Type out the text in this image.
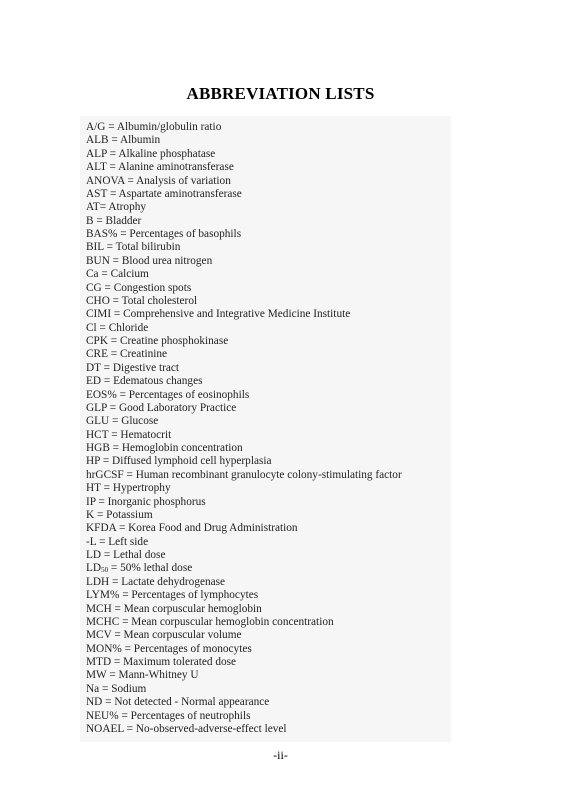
ABBREVIATION LISTS
A/G = Albumin/globulin ratio
ALB = Albumin
ALP = Alkaline phosphatase
ALT = Alanine aminotransferase
ANOVA = Analysis of variation
AST = Aspartate aminotransferase
AT= Atrophy
B = Bladder
BAS% = Percentages of basophils
BIL = Total bilirubin
BUN = Blood urea nitrogen
Ca = Calcium
CG = Congestion spots
CHO = Total cholesterol
CIMI = Comprehensive and Integrative Medicine Institute
Cl = Chloride
CPK = Creatine phosphokinase
CRE = Creatinine
DT = Digestive tract
ED = Edematous changes
EOS% = Percentages of eosinophils
GLP = Good Laboratory Practice
GLU = Glucose
HCT = Hematocrit
HGB = Hemoglobin concentration
HP = Diffused lymphoid cell hyperplasia
hrGCSF = Human recombinant granulocyte colony-stimulating factor
HT = Hypertrophy
IP = Inorganic phosphorus
K = Potassium
KFDA = Korea Food and Drug Administration
-L = Left side
LD = Lethal dose
$LD_{50} = 50\%$ lethal dose
LDH = Lactate dehydrogenase
LYM% = Percentages of lymphocytes
MCH = Mean corpuscular hemoglobin
MCHC = Mean corpuscular hemoglobin concentration
MCV = Mean corpuscular volume
MON% = Percentages of monocytes
MTD = Maximum tolerated dose
MW = Mann-Whitney U
Na = Sodium
ND = Not detected - Normal appearance
NEU% = Percentages of neutrophils
NOAEL = No-observed-adverse-effect level
-ii-
